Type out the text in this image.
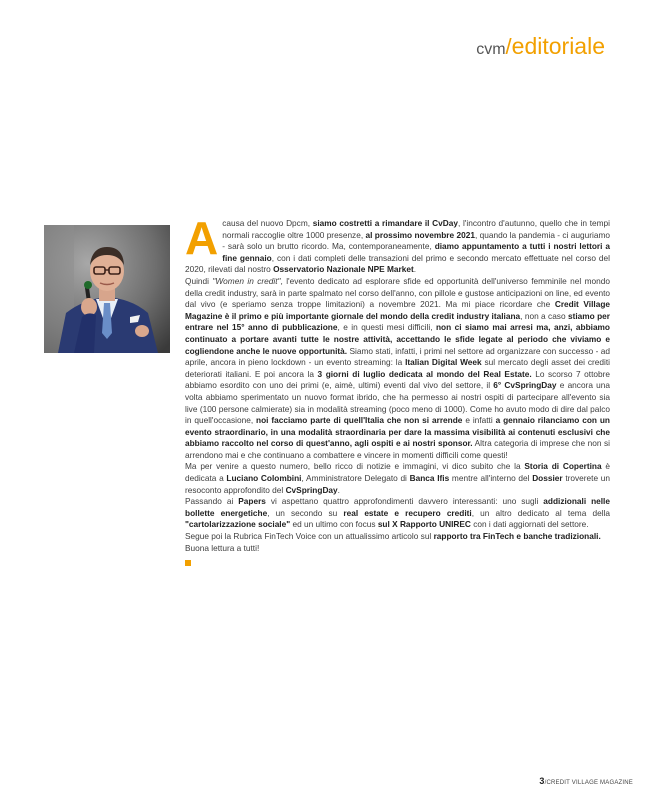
cvm/editoriale
A causa del nuovo Dpcm, siamo costretti a rimandare il CvDay, l'incontro d'autunno, quello che in tempi normali raccoglie oltre 1000 presenze, al prossimo novembre 2021, quando la pandemia - ci auguriamo - sarà solo un brutto ricordo. Ma, contemporaneamente, diamo appuntamento a tutti i nostri lettori a fine gennaio, con i dati completi delle transazioni del primo e secondo mercato effettuate nel corso del 2020, rilevati dal nostro Osservatorio Nazionale NPE Market.

Quindi "Women in credit", l'evento dedicato ad esplorare sfide ed opportunità dell'universo femminile nel mondo della credit industry, sarà in parte spalmato nel corso dell'anno, con pillole e gustose anticipazioni on line, ed evento dal vivo (e speriamo senza troppe limitazioni) a novembre 2021. Ma mi piace ricordare che Credit Village Magazine è il primo e più importante giornale del mondo della credit industry italiana, non a caso stiamo per entrare nel 15° anno di pubblicazione, e in questi mesi difficili, non ci siamo mai arresi ma, anzi, abbiamo continuato a portare avanti tutte le nostre attività, accettando le sfide legate al periodo che viviamo e cogliendone anche le nuove opportunità. Siamo stati, infatti, i primi nel settore ad organizzare con successo - ad aprile, ancora in pieno lockdown - un evento streaming: la Italian Digital Week sul mercato degli asset dei crediti deteriorati italiani. E poi ancora la 3 giorni di luglio dedicata al mondo del Real Estate. Lo scorso 7 ottobre abbiamo esordito con uno dei primi (e, aimè, ultimi) eventi dal vivo del settore, il 6° CvSpringDay e ancora una volta abbiamo sperimentato un nuovo format ibrido, che ha permesso ai nostri ospiti di partecipare all'evento sia live (100 persone calmierate) sia in modalità streaming (poco meno di 1000). Come ho avuto modo di dire dal palco in quell'occasione, noi facciamo parte di quell'Italia che non si arrende e infatti a gennaio rilanciamo con un evento straordinario, in una modalità straordinaria per dare la massima visibilità ai contenuti esclusivi che abbiamo raccolto nel corso di quest'anno, agli ospiti e ai nostri sponsor. Altra categoria di imprese che non si arrendono mai e che continuano a combattere e vincere in momenti difficili come questi!

Ma per venire a questo numero, bello ricco di notizie e immagini, vi dico subito che la Storia di Copertina è dedicata a Luciano Colombini, Amministratore Delegato di Banca Ifis mentre all'interno del Dossier troverete un resoconto approfondito del CvSpringDay.

Passando ai Papers vi aspettano quattro approfondimenti davvero interessanti: uno sugli addizionali nelle bollette energetiche, un secondo su real estate e recupero crediti, un altro dedicato al tema della "cartolarizzazione sociale" ed un ultimo con focus sul X Rapporto UNIREC con i dati aggiornati del settore.

Segue poi la Rubrica FinTech Voice con un attualissimo articolo sul rapporto tra FinTech e banche tradizionali.

Buona lettura a tutti!

3/CREDIT VILLAGE MAGAZINE
